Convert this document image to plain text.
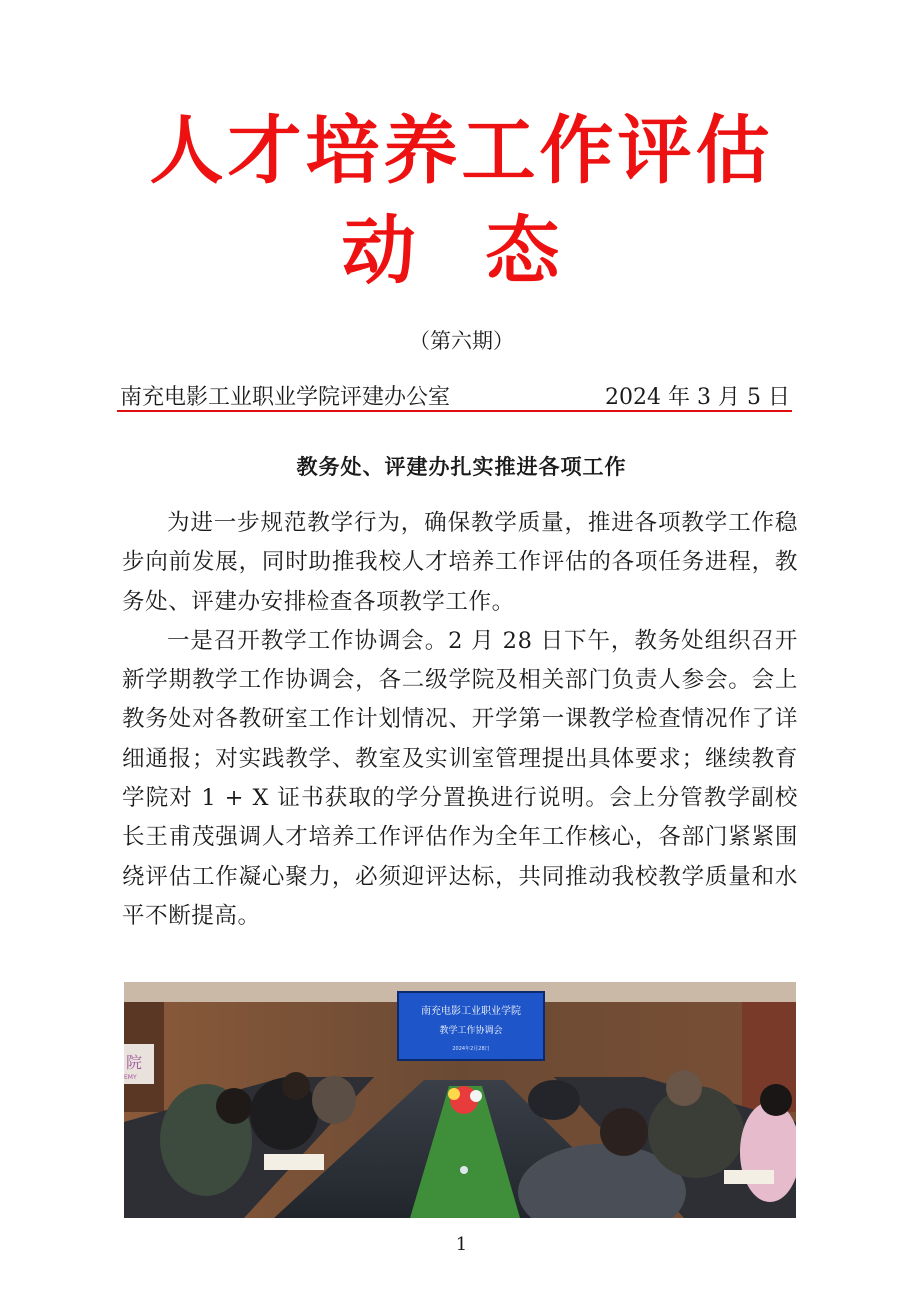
人才培养工作评估
动 态
（第六期）
南充电影工业职业学院评建办公室	2024 年 3 月 5 日
教务处、评建办扎实推进各项工作

为进一步规范教学行为，确保教学质量，推进各项教学工作稳步向前发展，同时助推我校人才培养工作评估的各项任务进程，教务处、评建办安排检查各项教学工作。

一是召开教学工作协调会。2 月 28 日下午，教务处组织召开新学期教学工作协调会，各二级学院及相关部门负责人参会。会上教务处对各教研室工作计划情况、开学第一课教学检查情况作了详细通报；对实践教学、教室及实训室管理提出具体要求；继续教育学院对 1 + X 证书获取的学分置换进行说明。会上分管教学副校长王甫茂强调人才培养工作评估作为全年工作核心，各部门紧紧围绕评估工作凝心聚力，必须迎评达标，共同推动我校教学质量和水平不断提高。

院
EMY
南充电影工业职业学院
教学工作协调会
2024年2月28日
1
